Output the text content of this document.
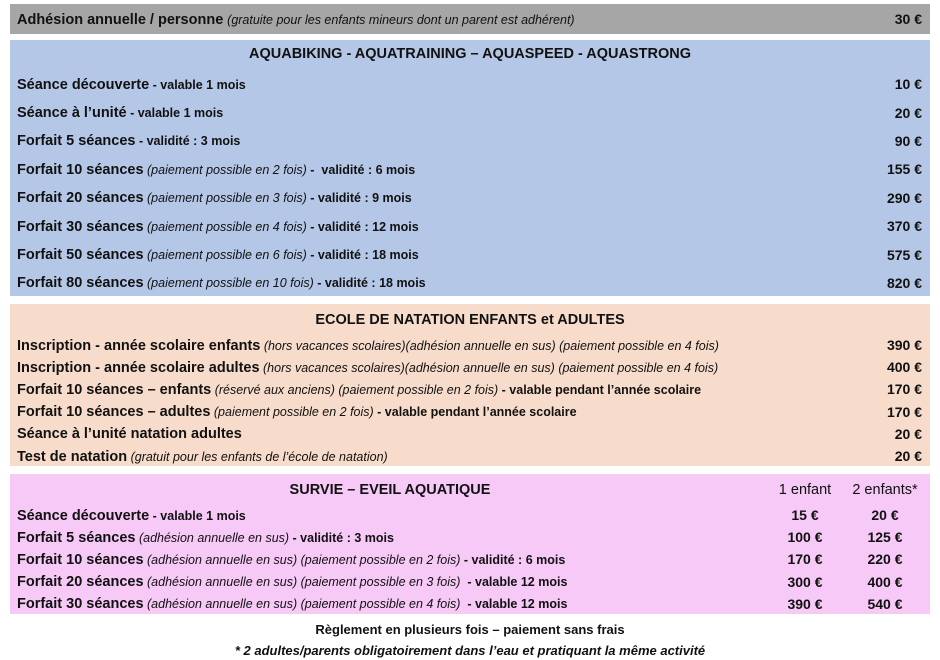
Adhésion annuelle / personne (gratuite pour les enfants mineurs dont un parent est adhérent)	30 €
AQUABIKING - AQUATRAINING – AQUASPEED - AQUASTRONG
Séance découverte - valable 1 mois	10 €
Séance à l’unité - valable 1 mois	20 €
Forfait 5 séances - validité : 3 mois	90 €
Forfait 10 séances (paiement possible en 2 fois) -  validité : 6 mois	155 €
Forfait 20 séances (paiement possible en 3 fois) - validité : 9 mois	290 €
Forfait 30 séances (paiement possible en 4 fois) - validité : 12 mois	370 €
Forfait 50 séances (paiement possible en 6 fois) - validité : 18 mois	575 €
Forfait 80 séances (paiement possible en 10 fois) - validité : 18 mois	820 €
ECOLE DE NATATION ENFANTS et ADULTES
Inscription - année scolaire enfants (hors vacances scolaires)(adhésion annuelle en sus) (paiement possible en 4 fois)	390 €
Inscription - année scolaire adultes (hors vacances scolaires)(adhésion annuelle en sus) (paiement possible en 4 fois)	400 €
Forfait 10 séances – enfants (réservé aux anciens) (paiement possible en 2 fois) - valable pendant l’année scolaire	170 €
Forfait 10 séances – adultes (paiement possible en 2 fois) - valable pendant l’année scolaire	170 €
Séance à l’unité natation adultes	20 €
Test de natation (gratuit pour les enfants de l’école de natation)	20 €
SURVIE – EVEIL AQUATIQUE	1 enfant	2 enfants*
Séance découverte - valable 1 mois	15 €	20 €
Forfait 5 séances (adhésion annuelle en sus) - validité : 3 mois	100 €	125 €
Forfait 10 séances (adhésion annuelle en sus) (paiement possible en 2 fois) - validité : 6 mois	170 €	220 €
Forfait 20 séances (adhésion annuelle en sus) (paiement possible en 3 fois)  - valable 12 mois	300 €	400 €
Forfait 30 séances (adhésion annuelle en sus) (paiement possible en 4 fois)  - valable 12 mois	390 €	540 €
Règlement en plusieurs fois – paiement sans frais
* 2 adultes/parents obligatoirement dans l’eau et pratiquant la même activité
